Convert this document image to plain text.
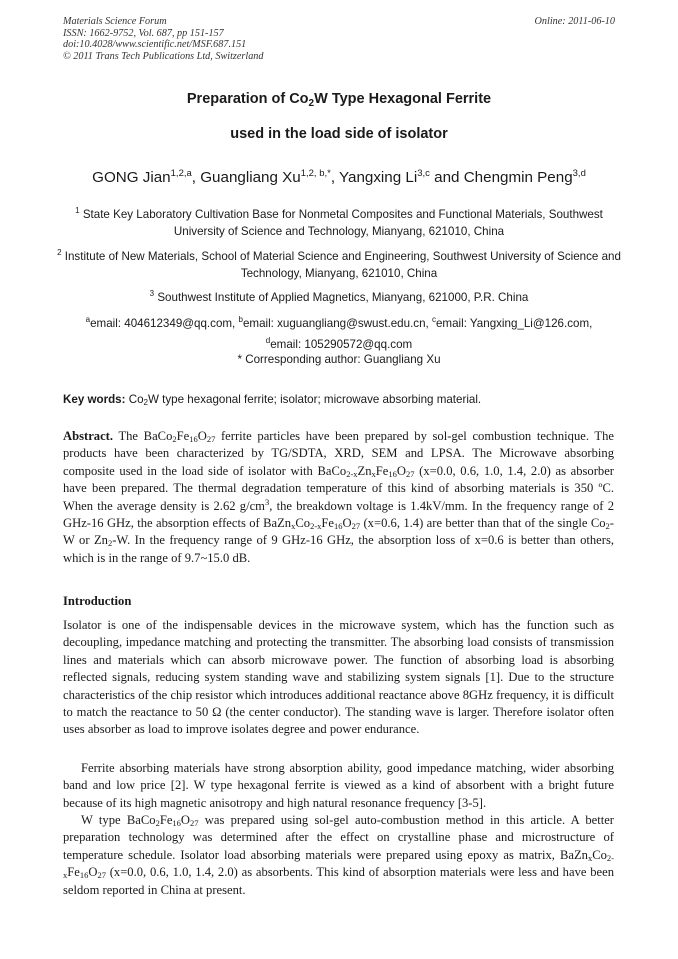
Materials Science Forum
ISSN: 1662-9752, Vol. 687, pp 151-157
doi:10.4028/www.scientific.net/MSF.687.151
© 2011 Trans Tech Publications Ltd, Switzerland
Online: 2011-06-10
Preparation of $Co_2W$ Type Hexagonal Ferrite
used in the load side of isolator
GONG Jian$^{1,2,a}$, Guangliang $Xu^{1,2, b,*}$, Yangxing Li$^{3,c}$ and Chengmin Peng$^{3,d}$
$^1$ State Key Laboratory Cultivation Base for Nonmetal Composites and Functional Materials, Southwest University of Science and Technology, Mianyang, 621010, China
$^2$ Institute of New Materials, School of Material Science and Engineering, Southwest University of Science and Technology, Mianyang, 621010, China
$^3$ Southwest Institute of Applied Magnetics, Mianyang, 621000, P.R. China
$^a$email: 404612349@qq.com, $^b$email: xuguangliang@swust.edu.cn, $^c$email: Yangxing_Li@126.com,
$^d$email: 105290572@qq.com
* Corresponding author: Guangliang Xu
Key words: $Co_2W$ type hexagonal ferrite; isolator; microwave absorbing material.

Abstract. The $BaCo_2Fe_{16}O_{27}$ ferrite particles have been prepared by sol-gel combustion technique. The products have been characterized by TG/SDTA, XRD, SEM and LPSA. The Microwave absorbing composite used in the load side of isolator with $BaCo_{2-x}Zn_xFe_{16}O_{27}$ (x=0.0, 0.6, 1.0, 1.4, 2.0) as absorber have been prepared. The thermal degradation temperature of this kind of absorbing materials is 350 ºC. When the average density is 2.62 $g/cm^3$, the breakdown voltage is 1.4kV/mm. In the frequency range of 2 GHz-16 GHz, the absorption effects of $BaZn_xCo_{2-x}Fe_{16}O_{27}$ (x=0.6, 1.4) are better than that of the single $Co_2-W$ or $Zn_2-W$. In the frequency range of 9 GHz-16 GHz, the absorption loss of x=0.6 is better than others, which is in the range of 9.7~15.0 dB.

Introduction

Isolator is one of the indispensable devices in the microwave system, which has the function such as decoupling, impedance matching and protecting the transmitter. The absorbing load consists of transmission lines and materials which can absorb microwave power. The function of absorbing load is absorbing reflected signals, reducing system standing wave and stabilizing system signals [1]. Due to the structure characteristics of the chip resistor which introduces additional reactance above 8GHz frequency, it is difficult to match the reactance to 50 Ω (the center conductor). The standing wave is larger. Therefore isolator often uses absorber as load to improve isolates degree and power endurance.

Ferrite absorbing materials have strong absorption ability, good impedance matching, wider absorbing band and low price [2]. W type hexagonal ferrite is viewed as a kind of absorbent with a bright future because of its high magnetic anisotropy and high natural resonance frequency [3-5].

W type $BaCo_2Fe_{16}O_{27}$ was prepared using sol-gel auto-combustion method in this article. A better preparation technology was determined after the effect on crystalline phase and microstructure of temperature schedule. Isolator load absorbing materials were prepared using epoxy as matrix, $BaZn_xCo_{2-x}Fe_{16}O_{27}$ (x=0.0, 0.6, 1.0, 1.4, 2.0) as absorbents. This kind of absorption materials were less and have been seldom reported in China at present.
